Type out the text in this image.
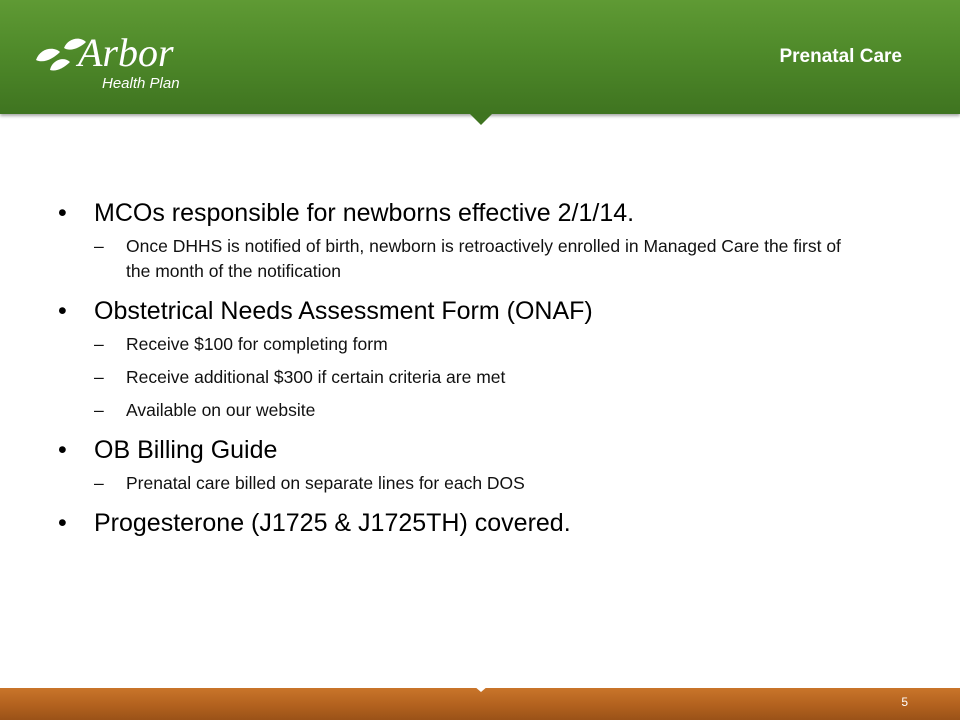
Arbor
Health Plan
Prenatal Care
•	MCOs responsible for newborns effective 2/1/14.
– Once DHHS is notified of birth, newborn is retroactively enrolled in Managed Care the first of the month of the notification
•	Obstetrical Needs Assessment Form (ONAF)
– Receive $100 for completing form
– Receive additional $300 if certain criteria are met
– Available on our website
•	OB Billing Guide
– Prenatal care billed on separate lines for each DOS
•	Progesterone (J1725 & J1725TH) covered.
5
